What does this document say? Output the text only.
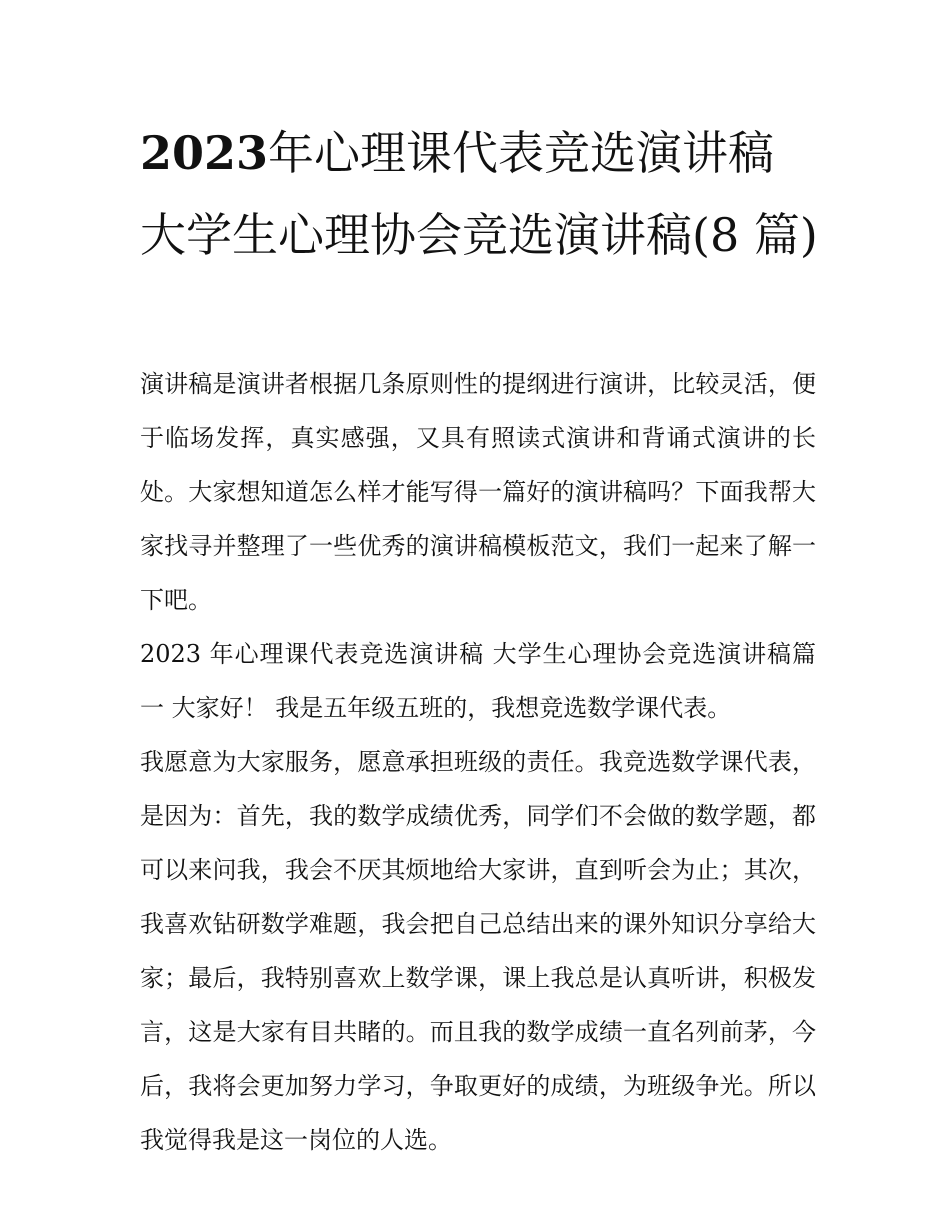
2023年心理课代表竞选演讲稿 大学生心理协会竞选演讲稿(8 篇)

演讲稿是演讲者根据几条原则性的提纲进行演讲，比较灵活，便于临场发挥，真实感强，又具有照读式演讲和背诵式演讲的长处。大家想知道怎么样才能写得一篇好的演讲稿吗？下面我帮大家找寻并整理了一些优秀的演讲稿模板范文，我们一起来了解一下吧。

2023 年心理课代表竞选演讲稿 大学生心理协会竞选演讲稿篇一 大家好！ 我是五年级五班的，我想竞选数学课代表。

我愿意为大家服务，愿意承担班级的责任。我竞选数学课代表，是因为：首先，我的数学成绩优秀，同学们不会做的数学题，都可以来问我，我会不厌其烦地给大家讲，直到听会为止；其次，我喜欢钻研数学难题，我会把自己总结出来的课外知识分享给大家；最后，我特别喜欢上数学课，课上我总是认真听讲，积极发言，这是大家有目共睹的。而且我的数学成绩一直名列前茅，今后，我将会更加努力学习，争取更好的成绩，为班级争光。所以我觉得我是这一岗位的人选。
